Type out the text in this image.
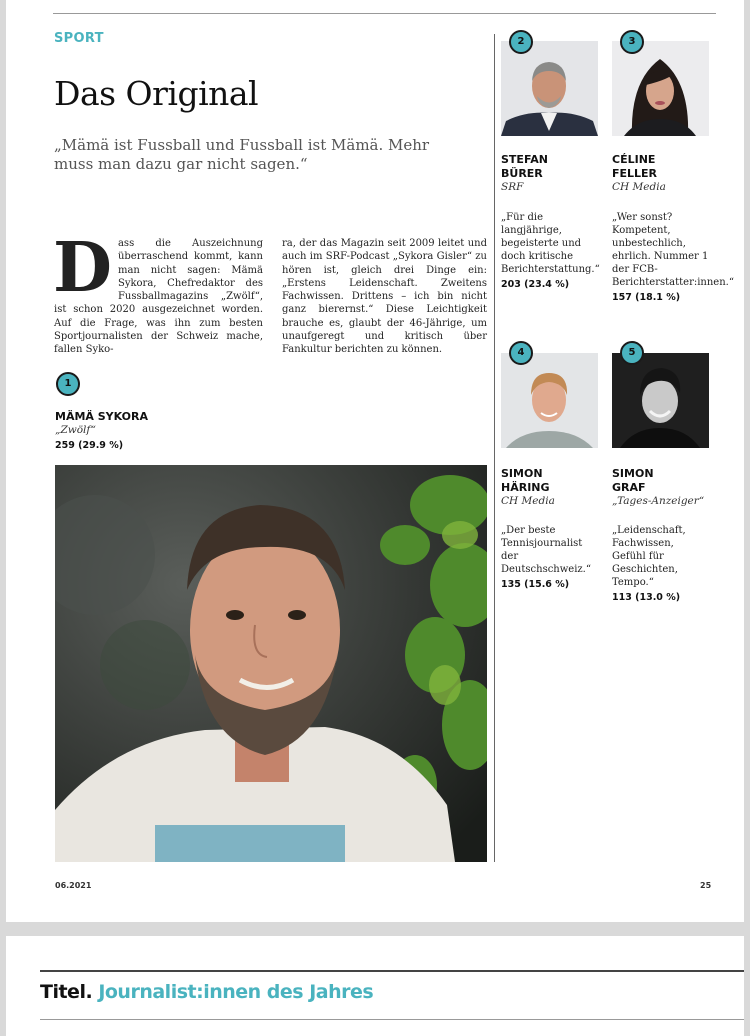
SPORT
Das Original
„Mämä ist Fussball und Fussball ist Mämä. Mehr muss man dazu gar nicht sagen.“
Dass die Auszeichnung überraschend kommt, kann man nicht sagen: Mämä Sykora, Chefredaktor des Fussballmagazins „Zwölf“, ist schon 2020 ausgezeichnet worden. Auf die Frage, was ihn zum besten Sportjournalisten der Schweiz mache, fallen Syko-
ra, der das Magazin seit 2009 leitet und auch im SRF-Podcast „Sykora Gisler“ zu hören ist, gleich drei Dinge ein: „Erstens Leidenschaft. Zweitens Fachwissen. Drittens – ich bin nicht ganz bierernst.“ Diese Leichtigkeit brauche es, glaubt der 46-Jährige, um unaufgeregt und kritisch über Fankultur berichten zu können.
1
MÄMÄ SYKORA
„Zwölf“
259 (29.9 %)
2
STEFAN
BÜRER
SRF
„Für die langjährige, begeisterte und doch kritische Berichterstattung.“
203 (23.4 %)
3
CÉLINE
FELLER
CH Media
„Wer sonst? Kompetent, unbestechlich, ehrlich. Nummer 1 der FCB-Berichterstatter:innen.“
157 (18.1 %)
4
SIMON
HÄRING
CH Media
„Der beste Tennisjournalist der Deutschschweiz.“
135 (15.6 %)
5
SIMON
GRAF
„Tages-Anzeiger“
„Leidenschaft, Fachwissen, Gefühl für Geschichten, Tempo.“
113 (13.0 %)
06.2021	25
Titel. Journalist:innen des Jahres
